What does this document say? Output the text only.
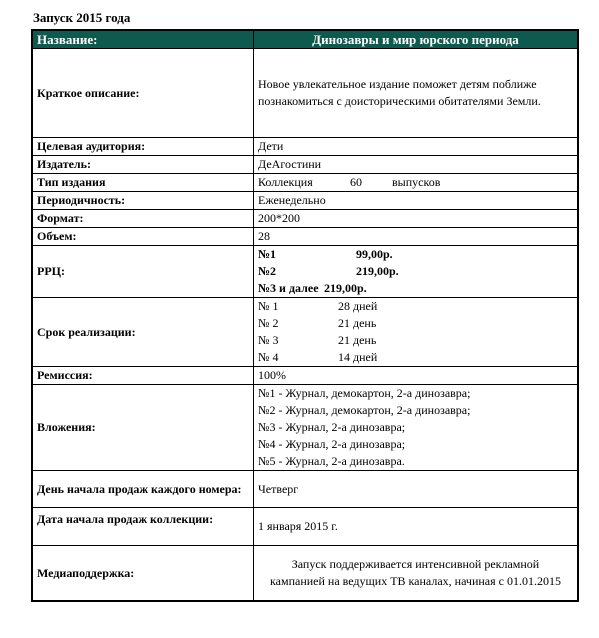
Запуск 2015 года
Название:	Динозавры и мир юрского периода
Краткое описание:	Новое увлекательное издание поможет детям поближе познакомиться с доисторическими обитателями Земли.
Целевая аудитория:	Дети
Издатель:	ДеАгостини
Тип издания	Коллекция 60 выпусков
Периодичность:	Еженедельно
Формат:	200*200
Объем:	28
РРЦ:	№1 99,00р.
№2 219,00р.
№3 и далее 219,00р.

Срок реализации:	№ 1 28 дней
№ 2 21 день
№ 3 21 день
№ 4 14 дней

Ремиссия:	100%
Вложения:	№1 - Журнал, демокартон, 2-а динозавра;
№2 - Журнал, демокартон, 2-а динозавра;
№3 - Журнал, 2-а динозавра;
№4 - Журнал, 2-а динозавра;
№5 - Журнал, 2-а динозавра.

День начала продаж каждого номера:	Четверг
Дата начала продаж коллекции:	1 января 2015 г.
Медиаподдержка:	Запуск поддерживается интенсивной рекламной кампанией на ведущих ТВ каналах, начиная с 01.01.2015
